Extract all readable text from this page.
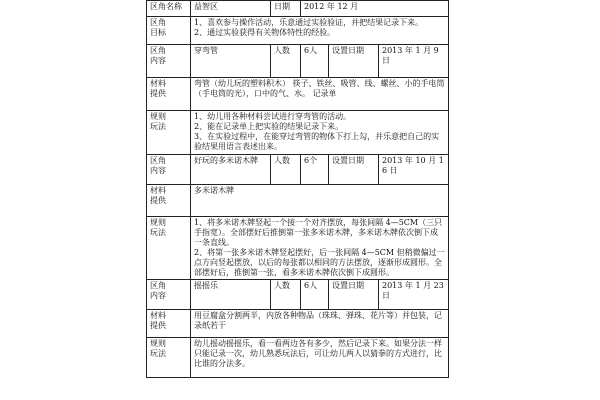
区角名称	益智区	日期	2012 年 12 月		

区角
目标	1、喜欢参与操作活动，乐意通过实验验证，并把结果记录下来。
2、通过实验获得有关物体特性的经验。				

区角
内容	穿弯管	人数	6人	设置日期	2013 年 1 月 9 日

材料
提供	弯管（幼儿玩的塑料积木） 筷子、铁丝、吸管、线、螺丝、小的手电筒（手电筒的光），口中的气、水。 记录单				

规则
玩法	1、幼儿用各种材料尝试进行穿弯管的活动。
2、能在记录单上把实验的结果记录下来。
3、在实验过程中，在能穿过弯管的物体下打上勾，并乐意把自己的实验结果用语言表述出来。				

区角
内容	好玩的多米诺木牌	人数	6个	设置日期	2013 年 10 月 16 日

材料
提供	多米诺木牌				

规则
玩法	1、将多米诺木牌竖起一个接一个对齐摆放，每张间隔 4—5CM（三只手指宽）。全部摆好后推倒第一张多米诺木牌，多米诺木牌依次倒下成一条直线。
2、将第一张多米诺木牌竖起摆好，后一张间隔 4—5CM 但稍微偏过一点方向竖起摆放，以后的每张都以相同的方法摆放，逐渐形成圆形。全部摆好后，推倒第一张，看多米诺木牌依次倒下成圆形。				

区角
内容	摇摇乐	人数	6人	设置日期	2013 年 1 月 23 日

材料
提供	用豆腐盒分割两半，内放各种物品（珠珠、弹珠、花片等）并包装，记录纸若干				

规则
玩法	幼儿摇动摇摇乐，看一看两边各有多少，然后记录下来。如果分法一样只能记录一次，幼儿熟悉玩法后，可让幼儿两人以猜拳的方式进行，比比谁的分法多。				
